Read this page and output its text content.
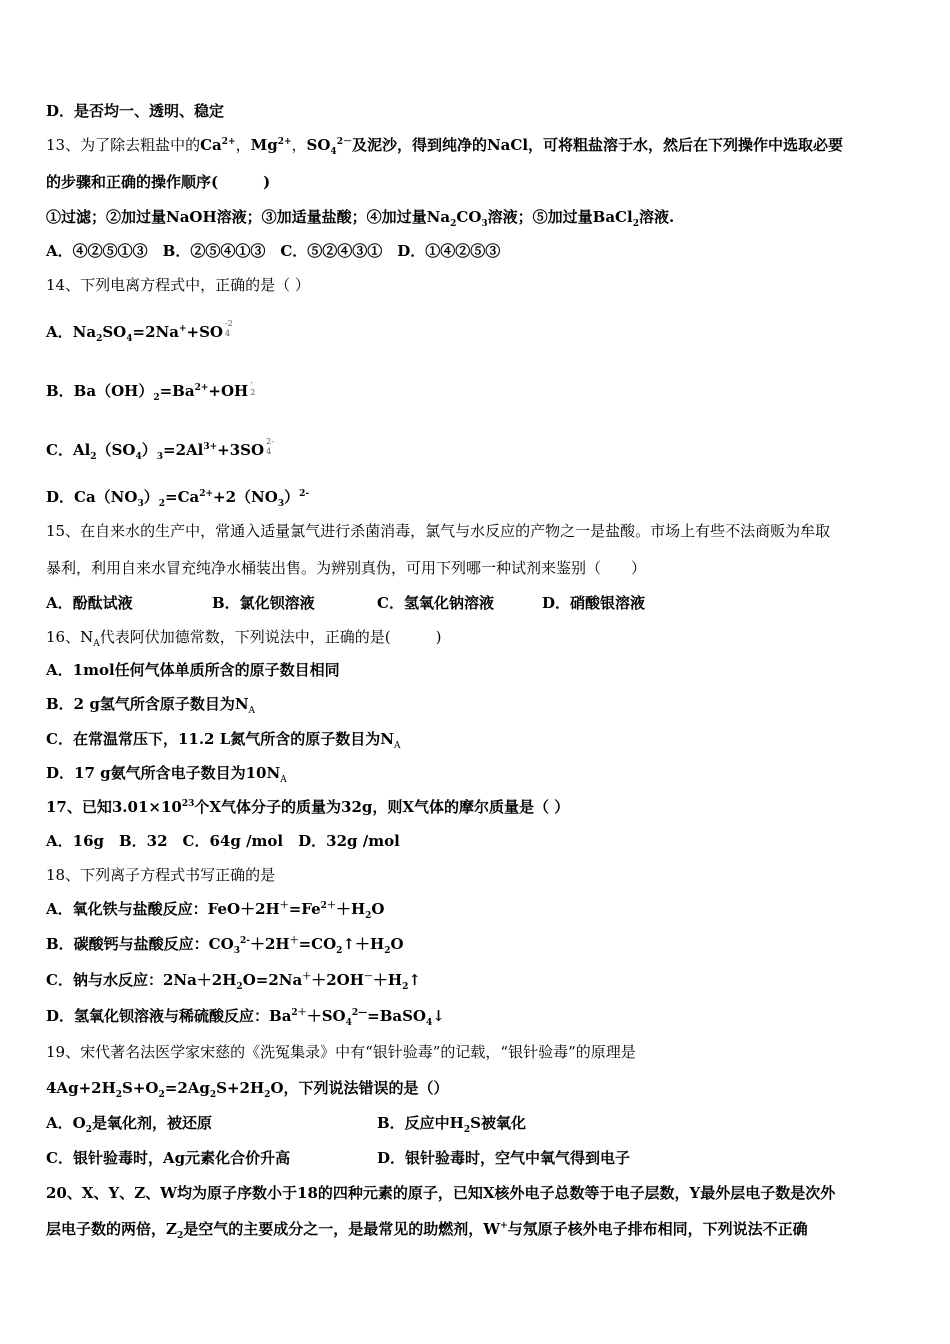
D．是否均一、透明、稳定
13、为了除去粗盐中的$Ca^{2+}$，$Mg^{2+}$，$SO_4^{2-}$及泥沙，得到纯净的NaCl，可将粗盐溶于水，然后在下列操作中选取必要
的步骤和正确的操作顺序(　　　)
①过滤；②加过量NaOH溶液；③加适量盐酸；④加过量$Na_2CO_3$溶液；⑤加过量BaCl$_2$溶液.
A．④②⑤①③　B．②⑤④①③　C．⑤②④③①　D．①④②⑤③
14、下列电离方程式中，正确的是（ ）
A．$Na_2SO_4=2Na^++SO$ -2
4
B．$Ba(OH)_2=Ba^{2+}+OH$ -
2
C．$Al_2(SO_4)_3=2Al^{3+}+3SO$ 2-
4
D．$Ca(NO_3)_2=Ca^{2+}+2(NO_3)^{2-}$
15、在自来水的生产中，常通入适量氯气进行杀菌消毒，氯气与水反应的产物之一是盐酸。市场上有些不法商贩为牟取
暴利，利用自来水冒充纯净水桶装出售。为辨别真伪，可用下列哪一种试剂来鉴别（　　）
A．酚酞试液	B．氯化钡溶液	C．氢氧化钠溶液	D．硝酸银溶液
16、$N_A$代表阿伏加德常数，下列说法中，正确的是(　　　)
A．1mol任何气体单质所含的原子数目相同
B．2 g氢气所含原子数目为$N_A$
C．在常温常压下，11.2 L氮气所含的原子数目为$N_A$
D．17 g氨气所含电子数目为$10N_A$
17、已知$3.01\times 10^{23}$个X气体分子的质量为32g，则X气体的摩尔质量是（ ）
A．16g　B．32　C．64g /mol　D．32g /mol
18、下列离子方程式书写正确的是
A．氧化铁与盐酸反应：$FeO+2H^+=Fe^{2+}+H_2O$
B．碳酸钙与盐酸反应：$CO_3^{2-}+2H^+=CO_2↑+H_2O$
C．钠与水反应：$2Na+2H_2O=2Na^++2OH^-+H_2↑$
D．氢氧化钡溶液与稀硫酸反应：$Ba^{2+}+SO_4^{2—}=BaSO_4↓$
19、宋代著名法医学家宋慈的《洗冤集录》中有“银针验毒”的记载，“银针验毒”的原理是
$4Ag+2H_2S+O_2=2Ag_2S+2H_2O$，下列说法错误的是（）
A．$O_2$是氧化剂，被还原	B．反应中$H_2S$被氧化
C．银针验毒时，Ag元素化合价升高	D．银针验毒时，空气中氧气得到电子
20、X、Y、Z、W均为原子序数小于18的四种元素的原子，已知X核外电子总数等于电子层数，Y最外层电子数是次外
层电子数的两倍，$Z_2$是空气的主要成分之一，是最常见的助燃剂，W+与氖原子核外电子排布相同，下列说法不正确
